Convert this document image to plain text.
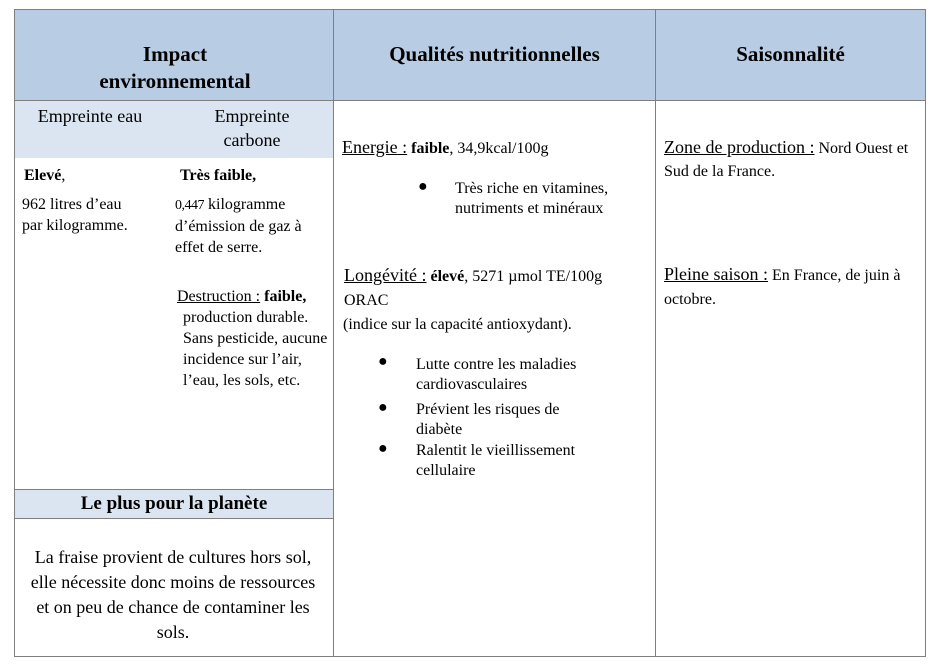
Impact environnemental
Qualités nutritionnelles	Saisonnalité
Empreinte eau	Empreinte carbone
Elevé,
962 litres d’eau par kilogramme.
Très faible,
0,447 kilogramme d’émission de gaz à effet de serre.
Destruction : faible,
production durable. Sans pesticide, aucune incidence sur l’air, l’eau, les sols, etc.
Le plus pour la planète
La fraise provient de cultures hors sol, elle nécessite donc moins de ressources et on peu de chance de contaminer les sols.
Energie : faible, 34,9kcal/100g
● Très riche en vitamines, nutriments et minéraux
Longévité : élevé, 5271 µmol TE/100g ORAC
(indice sur la capacité antioxydant).
● Lutte contre les maladies cardiovasculaires
● Prévient les risques de diabète
● Ralentit le vieillissement cellulaire
Zone de production : Nord Ouest et Sud de la France.
Pleine saison : En France, de juin à octobre.
